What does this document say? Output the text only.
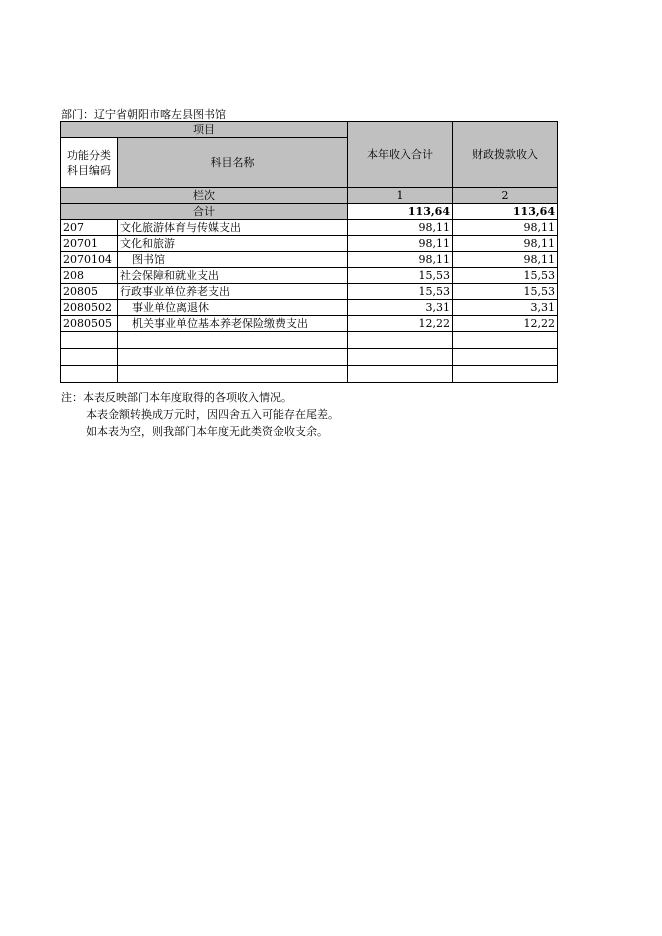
部门：辽宁省朝阳市喀左县图书馆
项目		本年收入合计	财政拨款收入

功能分类
科目编码	科目名称		

栏次		1	2
合计		113,64	113,64
207	文化旅游体育与传媒支出	98,11	98,11
20701	文化和旅游	98,11	98,11
2070104	图书馆	98,11	98,11
208	社会保障和就业支出	15,53	15,53
20805	行政事业单位养老支出	15,53	15,53
2080502	事业单位离退休	3,31	3,31
2080505	机关事业单位基本养老保险缴费支出	12,22	12,22

注：本表反映部门本年度取得的各项收入情况。
本表金额转换成万元时，因四舍五入可能存在尾差。
如本表为空，则我部门本年度无此类资金收支余。
